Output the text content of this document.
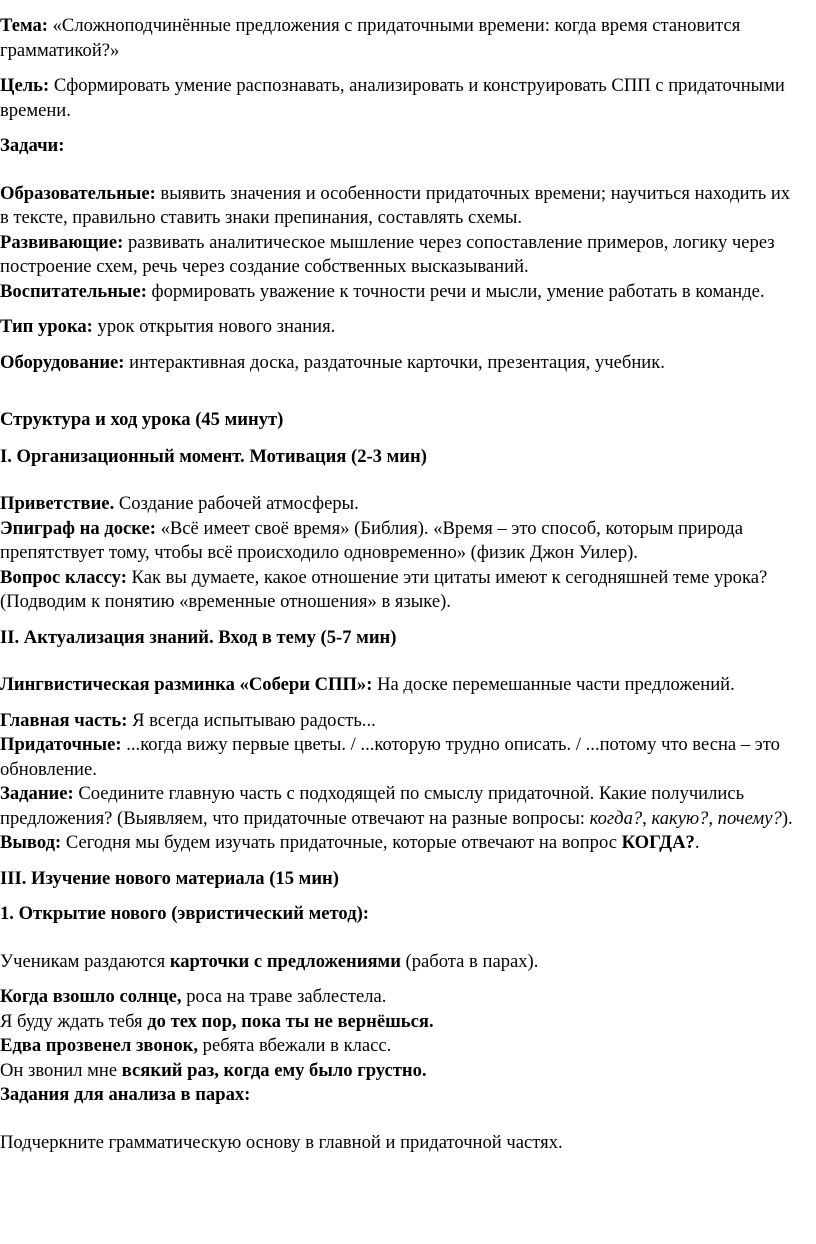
Тема: «Сложноподчинённые предложения с придаточными времени: когда время становится грамматикой?»

Цель: Сформировать умение распознавать, анализировать и конструировать СПП с придаточными времени.

Задачи:

Образовательные: выявить значения и особенности придаточных времени; научиться находить их в тексте, правильно ставить знаки препинания, составлять схемы.

Развивающие: развивать аналитическое мышление через сопоставление примеров, логику через построение схем, речь через создание собственных высказываний.

Воспитательные: формировать уважение к точности речи и мысли, умение работать в команде.

Тип урока: урок открытия нового знания.

Оборудование: интерактивная доска, раздаточные карточки, презентация, учебник.

Структура и ход урока (45 минут)

I. Организационный момент. Мотивация (2-3 мин)

Приветствие. Создание рабочей атмосферы.

Эпиграф на доске: «Всё имеет своё время» (Библия). «Время – это способ, которым природа препятствует тому, чтобы всё происходило одновременно» (физик Джон Уилер).

Вопрос классу: Как вы думаете, какое отношение эти цитаты имеют к сегодняшней теме урока? (Подводим к понятию «временные отношения» в языке).

II. Актуализация знаний. Вход в тему (5-7 мин)

Лингвистическая разминка «Собери СПП»: На доске перемешанные части предложений.

Главная часть: Я всегда испытываю радость...

Придаточные: ...когда вижу первые цветы. / ...которую трудно описать. / ...потому что весна – это обновление.

Задание: Соедините главную часть с подходящей по смыслу придаточной. Какие получились предложения? (Выявляем, что придаточные отвечают на разные вопросы: когда?, какую?, почему?).

Вывод: Сегодня мы будем изучать придаточные, которые отвечают на вопрос КОГДА?.

III. Изучение нового материала (15 мин)

1. Открытие нового (эвристический метод):

Ученикам раздаются карточки с предложениями (работа в парах).

Когда взошло солнце, роса на траве заблестела.

Я буду ждать тебя до тех пор, пока ты не вернёшься.

Едва прозвенел звонок, ребята вбежали в класс.

Он звонил мне всякий раз, когда ему было грустно.

Задания для анализа в парах:

Подчеркните грамматическую основу в главной и придаточной частях.
